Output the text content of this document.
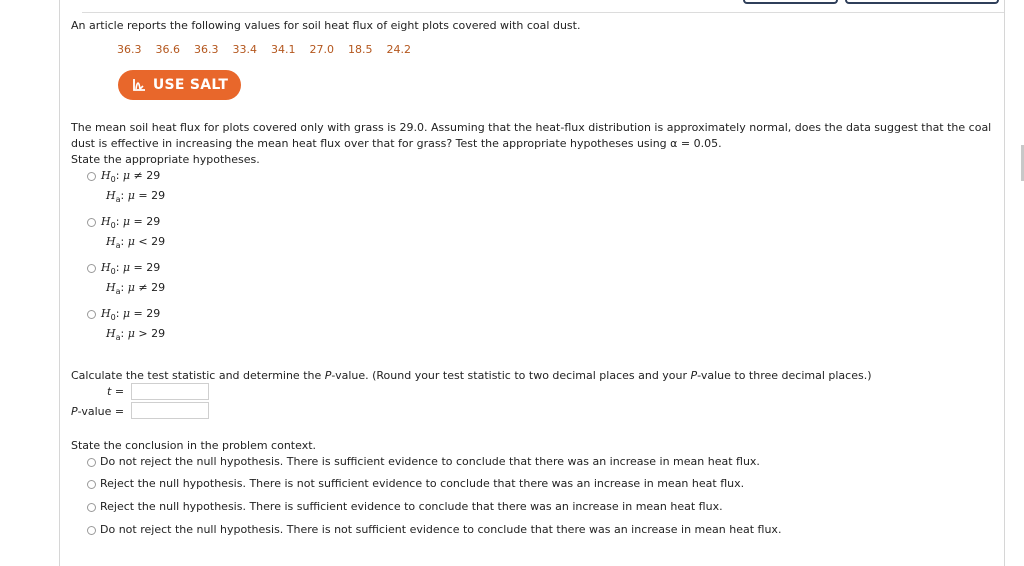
An article reports the following values for soil heat flux of eight plots covered with coal dust.
36.3 36.6 36.3 33.4 34.1 27.0 18.5 24.2
USE SALT
The mean soil heat flux for plots covered only with grass is 29.0. Assuming that the heat-flux distribution is approximately normal, does the data suggest that the coal
dust is effective in increasing the mean heat flux over that for grass? Test the appropriate hypotheses using α = 0.05.
State the appropriate hypotheses.
$H_0$: μ ≠ 29
$H_a$: μ = 29
$H_0$: μ = 29
$H_a$: μ < 29
$H_0$: μ = 29
$H_a$: μ ≠ 29
$H_0$: μ = 29
$H_a$: μ > 29
Calculate the test statistic and determine the P-value. (Round your test statistic to two decimal places and your P-value to three decimal places.)
t =
P-value =
State the conclusion in the problem context.
Do not reject the null hypothesis. There is sufficient evidence to conclude that there was an increase in mean heat flux.
Reject the null hypothesis. There is not sufficient evidence to conclude that there was an increase in mean heat flux.
Reject the null hypothesis. There is sufficient evidence to conclude that there was an increase in mean heat flux.
Do not reject the null hypothesis. There is not sufficient evidence to conclude that there was an increase in mean heat flux.
